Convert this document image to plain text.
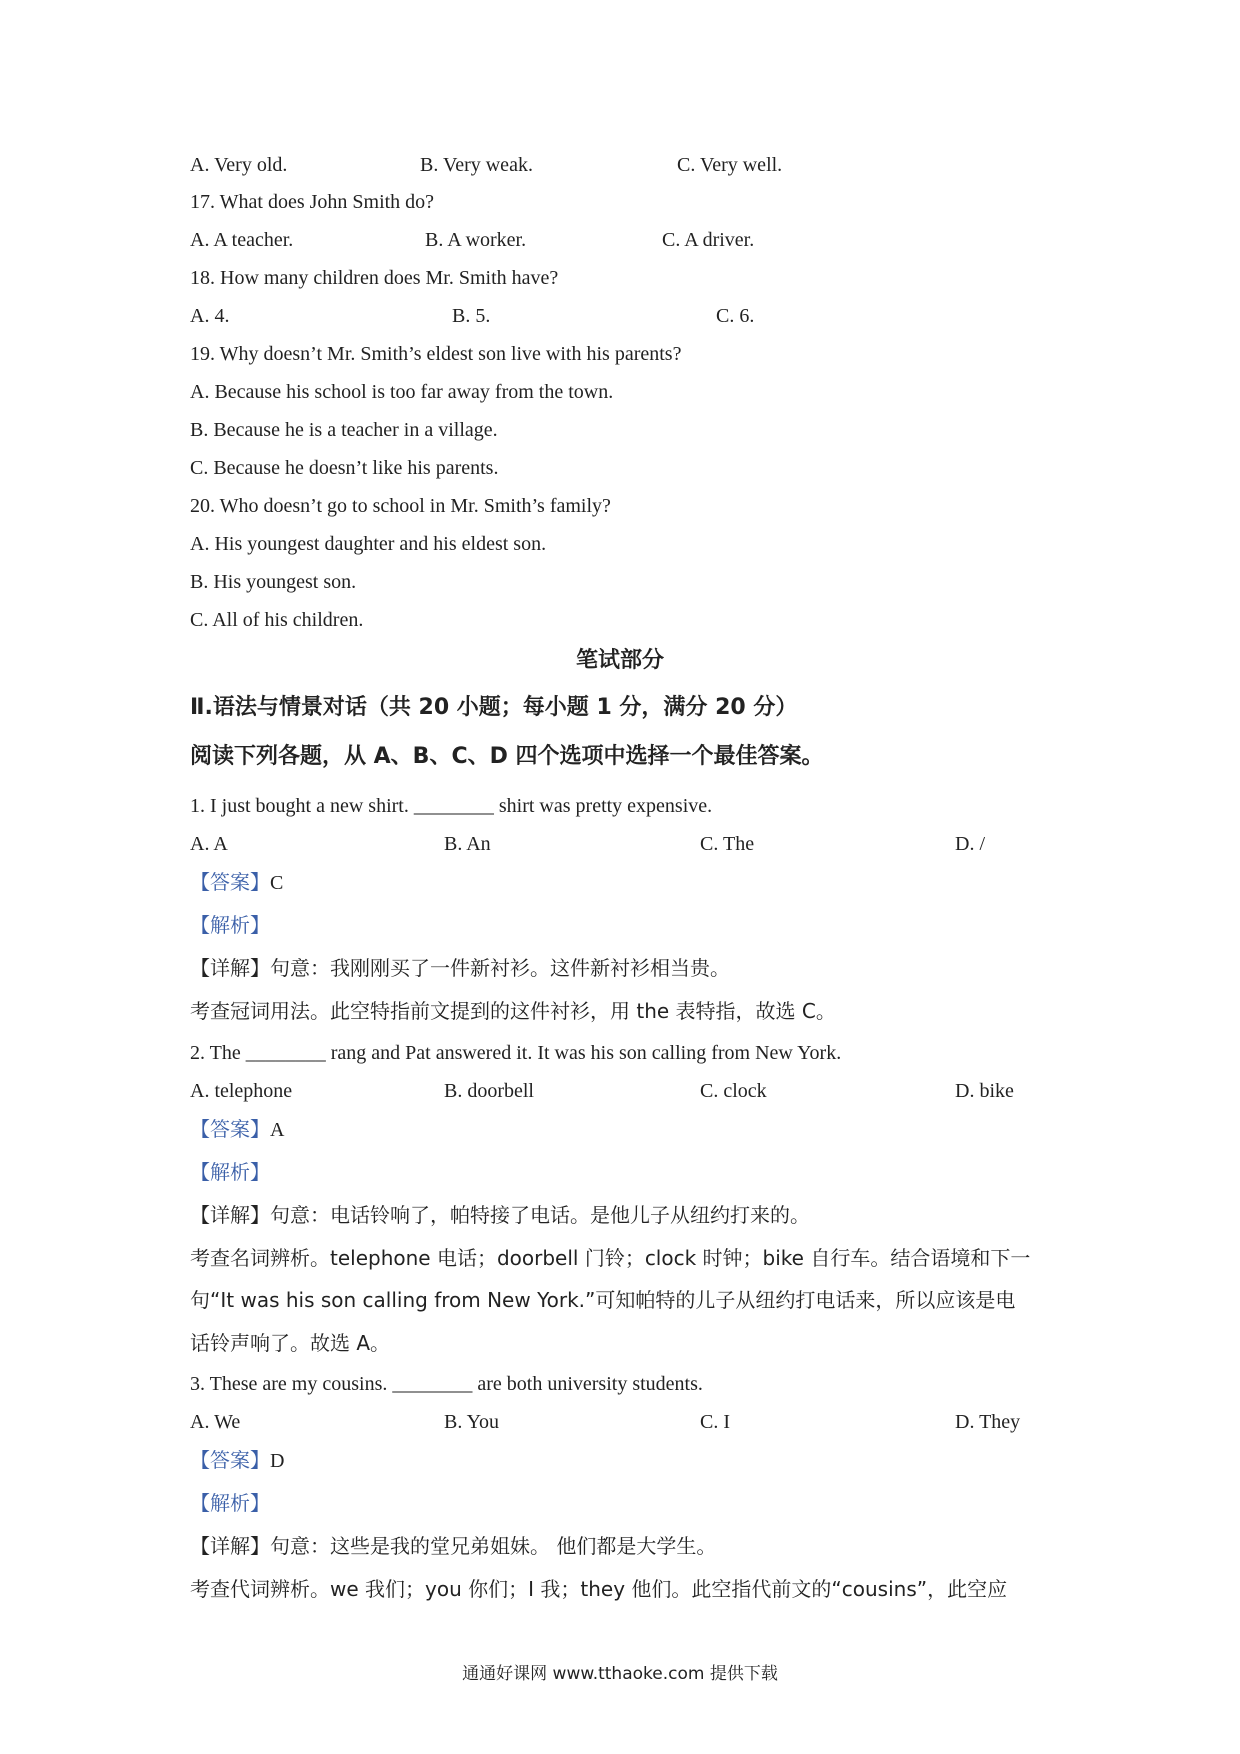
A. Very old.	B. Very weak.	C. Very well.
17. What does John Smith do?
A. A teacher.	B. A worker.	C. A driver.
18. How many children does Mr. Smith have?
A. 4.	B. 5.	C. 6.
19. Why doesn’t Mr. Smith’s eldest son live with his parents?
A. Because his school is too far away from the town.
B. Because he is a teacher in a village.
C. Because he doesn’t like his parents.
20. Who doesn’t go to school in Mr. Smith’s family?
A. His youngest daughter and his eldest son.
B. His youngest son.
C. All of his children.
笔试部分
Ⅱ.语法与情景对话（共 20 小题；每小题 1 分，满分 20 分）
阅读下列各题，从 A、B、C、D 四个选项中选择一个最佳答案。
1. I just bought a new shirt. ________ shirt was pretty expensive.
A. A	B. An	C. The	D. /
【答案】C
【解析】
【详解】句意：我刚刚买了一件新衬衫。这件新衬衫相当贵。
考查冠词用法。此空特指前文提到的这件衬衫，用 the 表特指，故选 C。
2. The ________ rang and Pat answered it. It was his son calling from New York.
A. telephone	B. doorbell	C. clock	D. bike
【答案】A
【解析】
【详解】句意：电话铃响了，帕特接了电话。是他儿子从纽约打来的。
考查名词辨析。telephone 电话；doorbell 门铃；clock 时钟；bike 自行车。结合语境和下一
句“It was his son calling from New York.”可知帕特的儿子从纽约打电话来，所以应该是电
话铃声响了。故选 A。
3. These are my cousins. ________ are both university students.
A. We	B. You	C. I	D. They
【答案】D
【解析】
【详解】句意：这些是我的堂兄弟姐妹。 他们都是大学生。
考查代词辨析。we 我们；you 你们；I 我；they 他们。此空指代前文的“cousins”，此空应
通通好课网 www.tthaoke.com 提供下载
